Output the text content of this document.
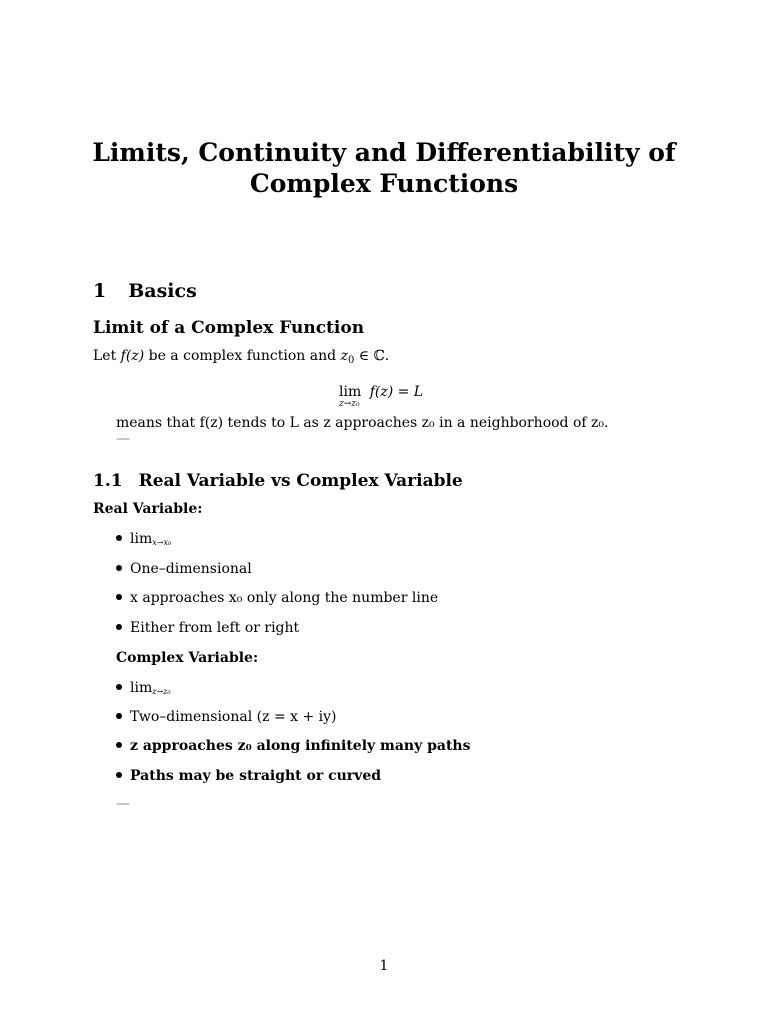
Limits, Continuity and Differentiability of Complex Functions
1 Basics
Limit of a Complex Function
Let f(z) be a complex function and $z_0$ ∈ ℂ.
lim
z→z₀
f(z) = L
means that f(z) tends to L as z approaches z₀ in a neighborhood of z₀.
—
1.1 Real Variable vs Complex Variable
Real Variable:
limx→x₀
One–dimensional
x approaches x₀ only along the number line
Either from left or right
Complex Variable:
limz→z₀
Two–dimensional (z = x + iy)
z approaches z₀ along infinitely many paths
Paths may be straight or curved
—
1
